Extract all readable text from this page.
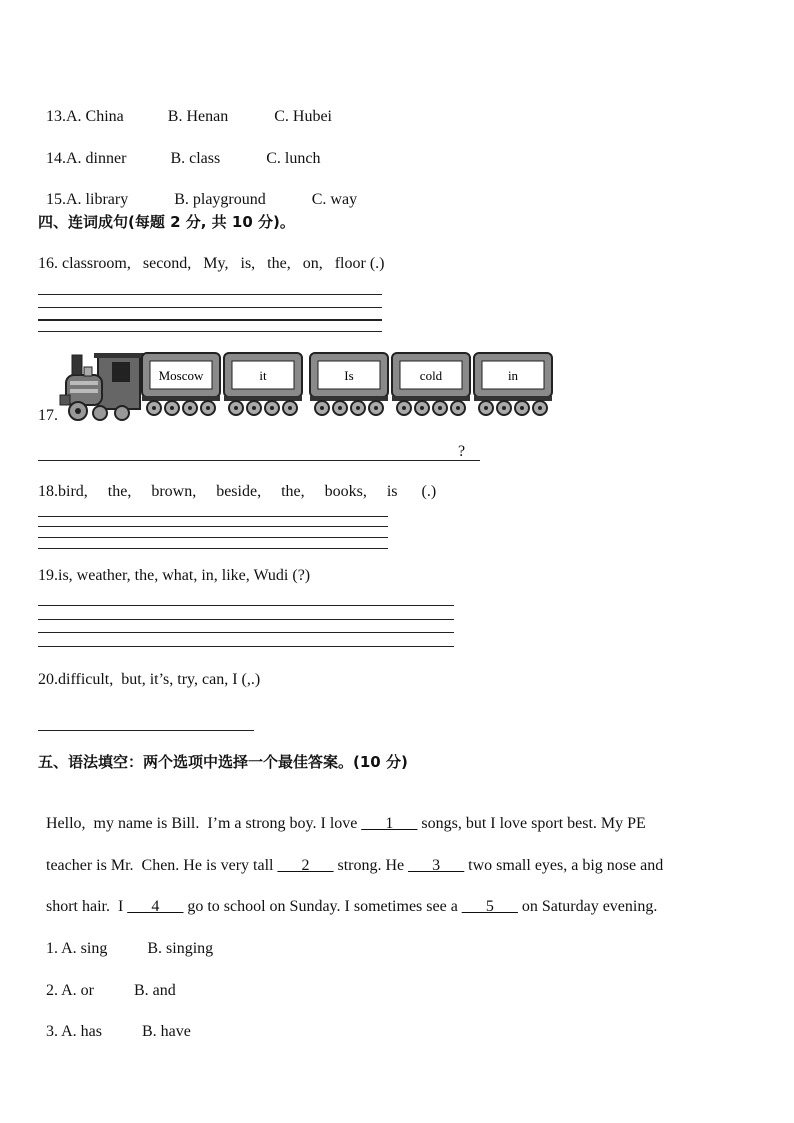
13.A. China	B. Henan	C. Hubei

14.A. dinner	B. class	C. lunch

15.A. library	B. playground	C. way

四、连词成句(每题 2 分, 共 10 分)。
16. classroom,   second,   My,   is,   the,   on,   floor (.)
17.
Moscow	it	Is	cold	in
?
18.bird,     the,     brown,     beside,     the,     books,     is      (.)
19.is, weather, the, what, in, like, Wudi (?)
20.difficult,  but, it’s, try, can, I (,.)
五、语法填空：两个选项中选择一个最佳答案。(10 分)

Hello,  my name is Bill.  I’m a strong boy. I love ___1___ songs, but I love sport best. My PE

teacher is Mr.  Chen. He is very tall ___2___ strong. He ___3___ two small eyes, a big nose and

short hair.  I ___4___ go to school on Sunday. I sometimes see a ___5___ on Saturday evening.

1. A. sing	B. singing

2. A. or	B. and

3. A. has	B. have
